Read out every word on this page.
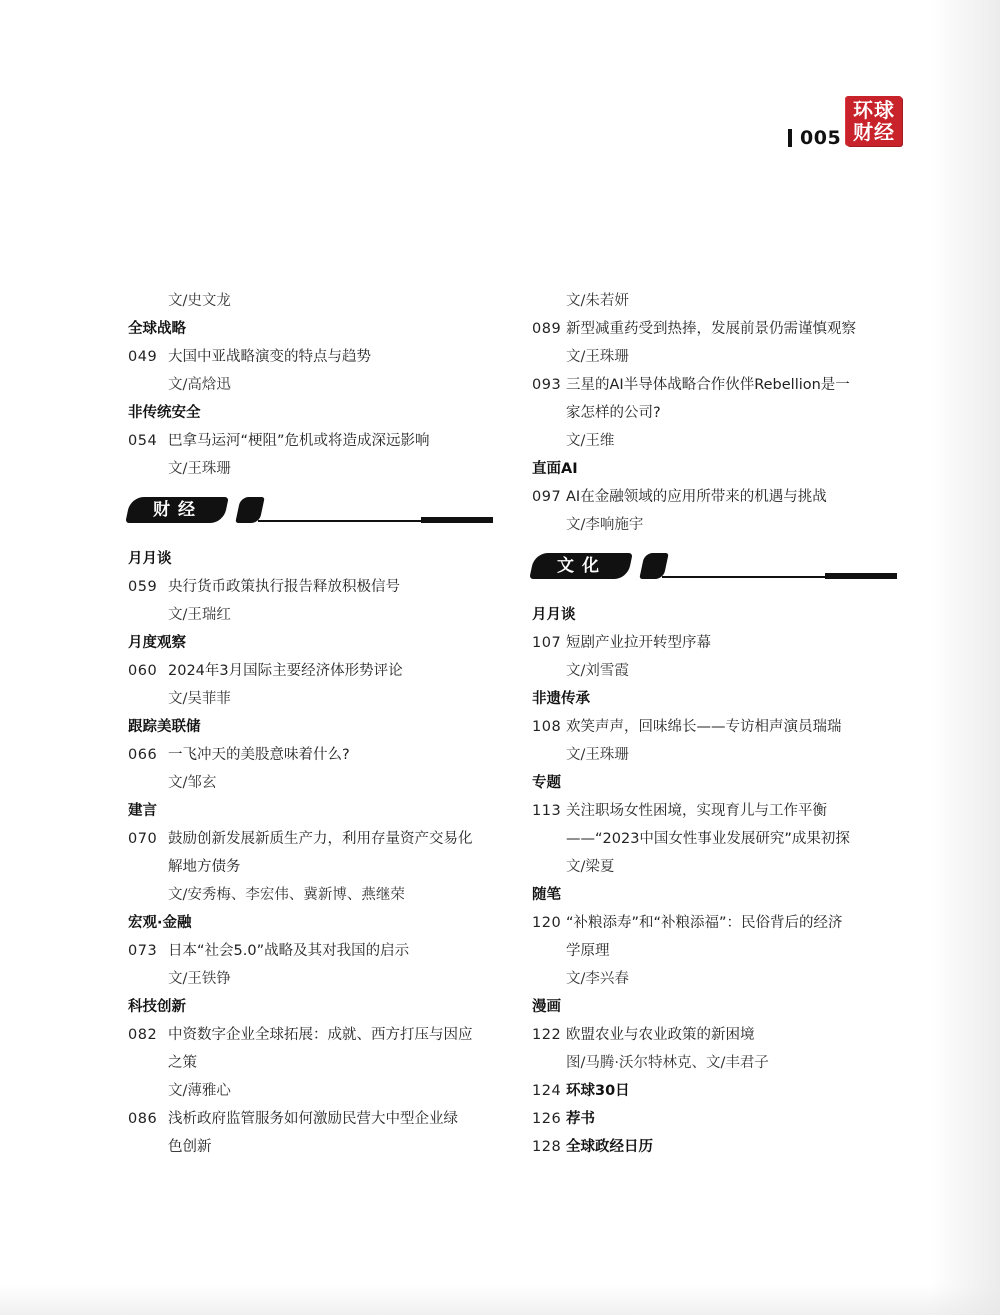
005
环球
财经
文/史文龙
全球战略
049 大国中亚战略演变的特点与趋势
文/高焓迅
非传统安全
054 巴拿马运河“梗阻”危机或将造成深远影响
文/王珠珊
财经
月月谈
059 央行货币政策执行报告释放积极信号
文/王瑞红
月度观察
060 2024年3月国际主要经济体形势评论
文/吴菲菲
跟踪美联储
066 一飞冲天的美股意味着什么?
文/邹玄
建言
070 鼓励创新发展新质生产力，利用存量资产交易化
解地方债务
文/安秀梅、李宏伟、冀新博、燕继荣
宏观·金融
073 日本“社会5.0”战略及其对我国的启示
文/王铁铮
科技创新
082 中资数字企业全球拓展：成就、西方打压与因应
之策
文/薄雅心
086 浅析政府监管服务如何激励民营大中型企业绿
色创新
文/朱若妍
089 新型减重药受到热捧，发展前景仍需谨慎观察
文/王珠珊
093 三星的AI半导体战略合作伙伴Rebellion是一
家怎样的公司?
文/王维
直面AI
097 AI在金融领域的应用所带来的机遇与挑战
文/李响施宇
文化
月月谈
107 短剧产业拉开转型序幕
文/刘雪霞
非遗传承
108 欢笑声声，回味绵长——专访相声演员瑞瑞
文/王珠珊
专题
113 关注职场女性困境，实现育儿与工作平衡
——“2023中国女性事业发展研究”成果初探
文/梁夏
随笔
120 “补粮添寿”和“补粮添福”：民俗背后的经济
学原理
文/李兴春
漫画
122 欧盟农业与农业政策的新困境
图/马腾·沃尔特林克、文/丰君子
124 环球30日
126 荐书
128 全球政经日历
